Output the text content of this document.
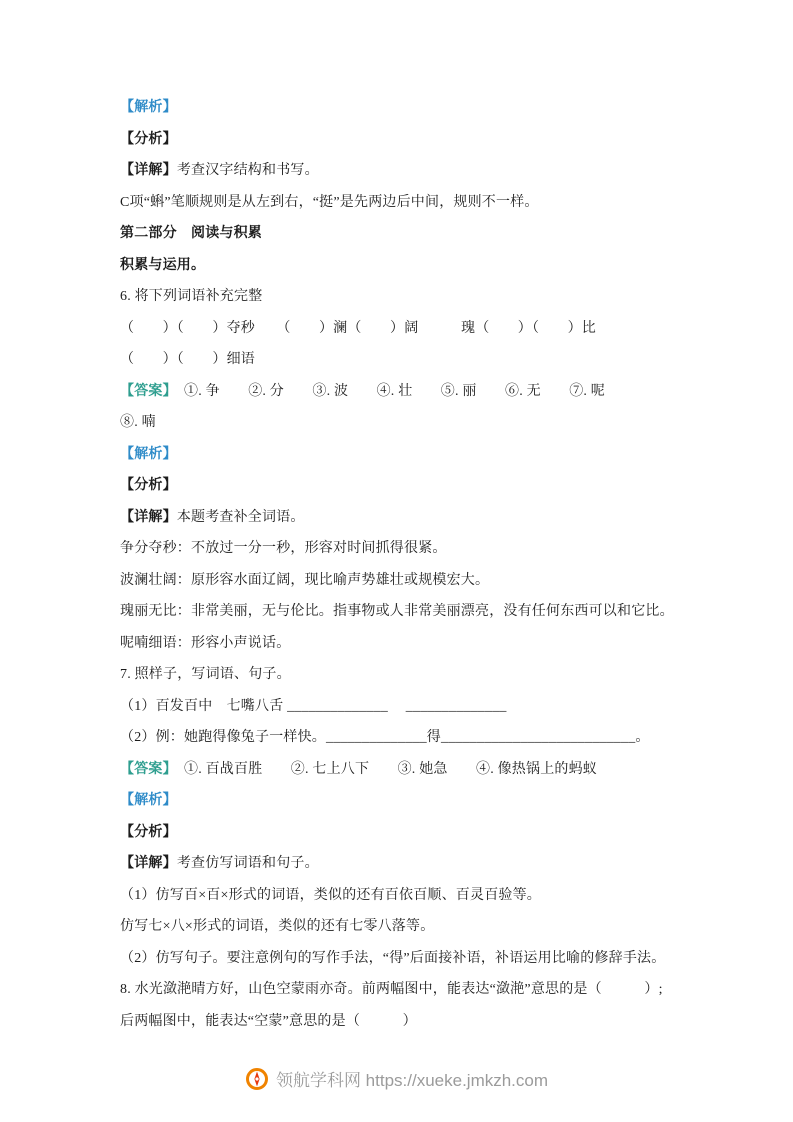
【解析】

【分析】

【详解】考查汉字结构和书写。

C项“蝌”笔顺规则是从左到右，“挺”是先两边后中间，规则不一样。

第二部分　阅读与积累

积累与运用。

6. 将下列词语补充完整

（　　）（　　）夺秒　　（　　）澜（　　）阔　　　瑰（　　）（　　）比

（　　）（　　）细语

【答案】　①. 争　　②. 分　　③. 波　　④. 壮　　⑤. 丽　　⑥. 无　　⑦. 呢

⑧. 喃

【解析】

【分析】

【详解】本题考查补全词语。

争分夺秒：不放过一分一秒，形容对时间抓得很紧。

波澜壮阔：原形容水面辽阔，现比喻声势雄壮或规模宏大。

瑰丽无比：非常美丽，无与伦比。指事物或人非常美丽漂亮，没有任何东西可以和它比。

呢喃细语：形容小声说话。

7. 照样子，写词语、句子。

（1）百发百中　七嘴八舌 ______________　 ______________

（2）例：她跑得像兔子一样快。______________得___________________________。

【答案】　①. 百战百胜　　②. 七上八下　　③. 她急　　④. 像热锅上的蚂蚁

【解析】

【分析】

【详解】考查仿写词语和句子。

（1）仿写百×百×形式的词语，类似的还有百依百顺、百灵百验等。

仿写七×八×形式的词语，类似的还有七零八落等。

（2）仿写句子。要注意例句的写作手法，“得”后面接补语，补语运用比喻的修辞手法。

8. 水光潋滟晴方好，山色空蒙雨亦奇。前两幅图中，能表达“潋滟”意思的是（　　　）;

后两幅图中，能表达“空蒙”意思的是（　　　）

领航学科网 https://xueke.jmkzh.com
